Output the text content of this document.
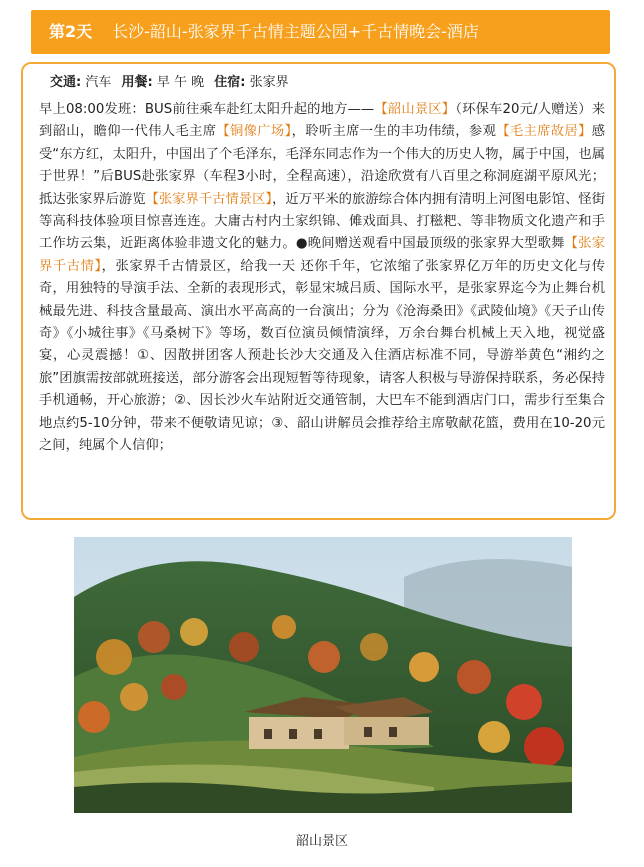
第2天 长沙-韶山-张家界千古情主题公园+千古情晚会-酒店
交通: 汽车 用餐: 早 午 晚 住宿: 张家界
早上08:00发班：BUS前往乘车赴红太阳升起的地方——【韶山景区】（环保车20元/人赠送）来到韶山，瞻仰一代伟人毛主席【铜像广场】，聆听主席一生的丰功伟绩，参观【毛主席故居】感受“东方红，太阳升，中国出了个毛泽东，毛泽东同志作为一个伟大的历史人物，属于中国，也属于世界！”后BUS赴张家界（车程3小时，全程高速），沿途欣赏有八百里之称洞庭湖平原风光；抵达张家界后游览【张家界千古情景区】，近万平米的旅游综合体内拥有清明上河图电影馆、怪街等高科技体验项目惊喜连连。大庸古村内土家织锦、傩戏面具、打糍粑、等非物质文化遗产和手工作坊云集，近距离体验非遗文化的魅力。●晚间赠送观看中国最顶级的张家界大型歌舞【张家界千古情】，张家界千古情景区，给我一天 还你千年，它浓缩了张家界亿万年的历史文化与传奇，用独特的导演手法、全新的表现形式，彰显宋城吕质、国际水平，是张家界迄今为止舞台机械最先进、科技含量最高、演出水平高高的一台演出；分为《沧海桑田》《武陵仙境》《天子山传奇》《小城往事》《马桑树下》等场，数百位演员倾情演绎，万余台舞台机械上天入地，视觉盛宴，心灵震撼！①、因散拼团客人预赴长沙大交通及入住酒店标准不同，导游举黄色“湘约之旅”团旗需按部就班接送，部分游客会出现短暂等待现象，请客人积极与导游保持联系，务必保持手机通畅，开心旅游；②、因长沙火车站附近交通管制，大巴车不能到酒店门口，需步行至集合地点约5-10分钟，带来不便敬请见谅；③、韶山讲解员会推荐给主席敬献花篮，费用在10-20元之间，纯属个人信仰；
韶山景区
